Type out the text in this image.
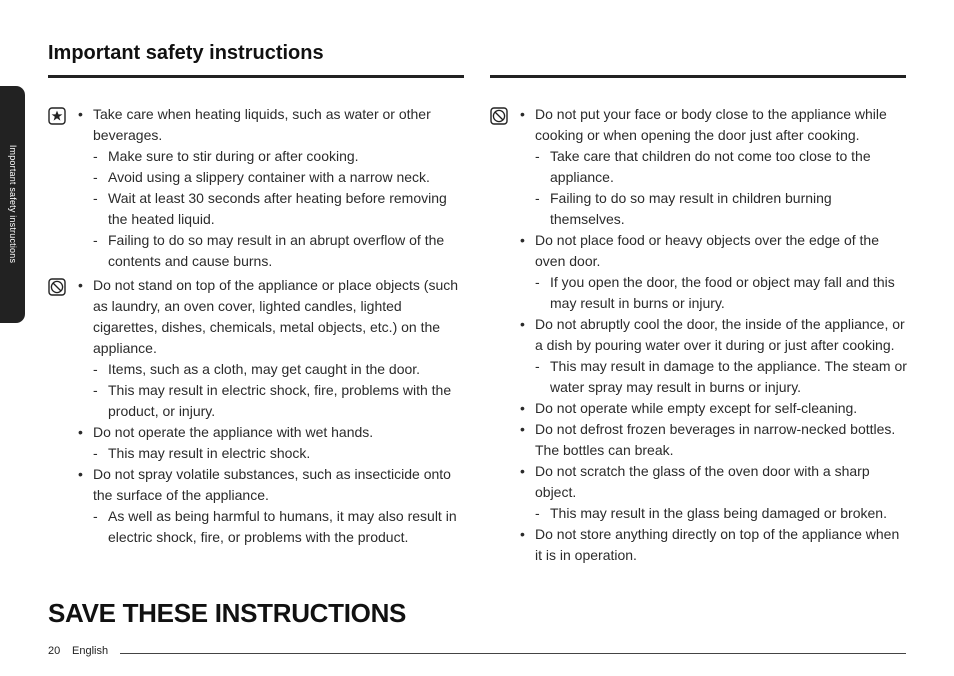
Important safety instructions
Important safety instructions
• Take care when heating liquids, such as water or other beverages.
- Make sure to stir during or after cooking.
- Avoid using a slippery container with a narrow neck.
- Wait at least 30 seconds after heating before removing the heated liquid.
- Failing to do so may result in an abrupt overflow of the contents and cause burns.
• Do not stand on top of the appliance or place objects (such as laundry, an oven cover, lighted candles, lighted cigarettes, dishes, chemicals, metal objects, etc.) on the appliance.
- Items, such as a cloth, may get caught in the door.
- This may result in electric shock, fire, problems with the product, or injury.
• Do not operate the appliance with wet hands.
- This may result in electric shock.
• Do not spray volatile substances, such as insecticide onto the surface of the appliance.
- As well as being harmful to humans, it may also result in electric shock, fire, or problems with the product.
• Do not put your face or body close to the appliance while cooking or when opening the door just after cooking.
- Take care that children do not come too close to the appliance.
- Failing to do so may result in children burning themselves.
• Do not place food or heavy objects over the edge of the oven door.
- If you open the door, the food or object may fall and this may result in burns or injury.
• Do not abruptly cool the door, the inside of the appliance, or a dish by pouring water over it during or just after cooking.
- This may result in damage to the appliance. The steam or water spray may result in burns or injury.
• Do not operate while empty except for self-cleaning.
• Do not defrost frozen beverages in narrow-necked bottles. The bottles can break.
• Do not scratch the glass of the oven door with a sharp object.
- This may result in the glass being damaged or broken.
• Do not store anything directly on top of the appliance when it is in operation.
SAVE THESE INSTRUCTIONS
20 English
